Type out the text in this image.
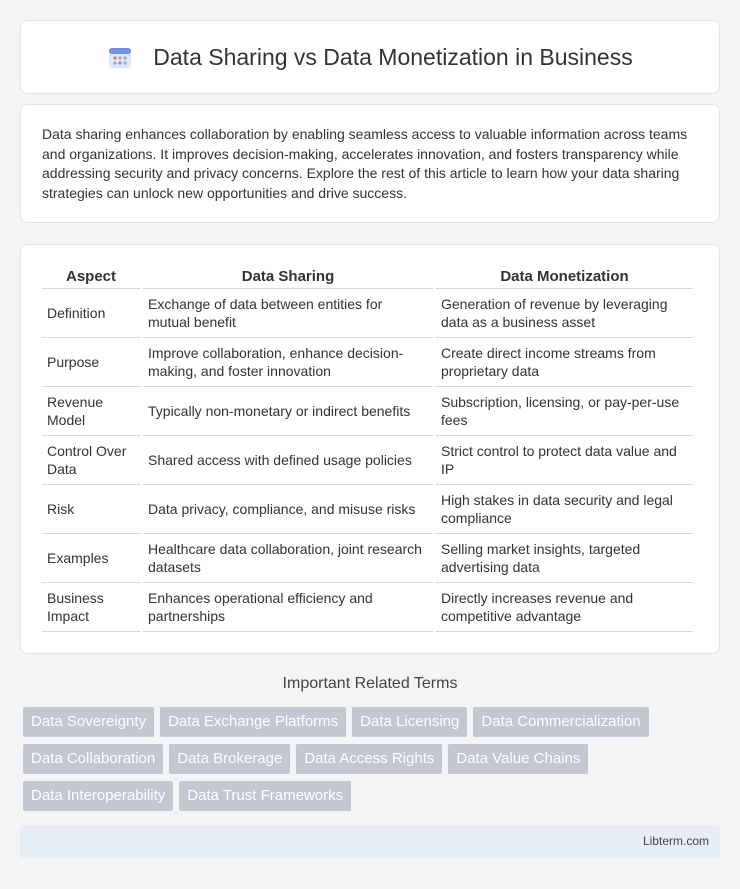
Data Sharing vs Data Monetization in Business

Data sharing enhances collaboration by enabling seamless access to valuable information across teams and organizations. It improves decision-making, accelerates innovation, and fosters transparency while addressing security and privacy concerns. Explore the rest of this article to learn how your data sharing strategies can unlock new opportunities and drive success.

Aspect	Data Sharing	Data Monetization
Definition	Exchange of data between entities for mutual benefit	Generation of revenue by leveraging data as a business asset
Purpose	Improve collaboration, enhance decision-making, and foster innovation	Create direct income streams from proprietary data
Revenue Model	Typically non-monetary or indirect benefits	Subscription, licensing, or pay-per-use fees
Control Over Data	Shared access with defined usage policies	Strict control to protect data value and IP
Risk	Data privacy, compliance, and misuse risks	High stakes in data security and legal compliance
Examples	Healthcare data collaboration, joint research datasets	Selling market insights, targeted advertising data
Business Impact	Enhances operational efficiency and partnerships	Directly increases revenue and competitive advantage
Important Related Terms
Data Sovereignty	Data Exchange Platforms	Data Licensing	Data Commercialization
Data Collaboration	Data Brokerage	Data Access Rights	Data Value Chains
Data Interoperability	Data Trust Frameworks
Libterm.com
